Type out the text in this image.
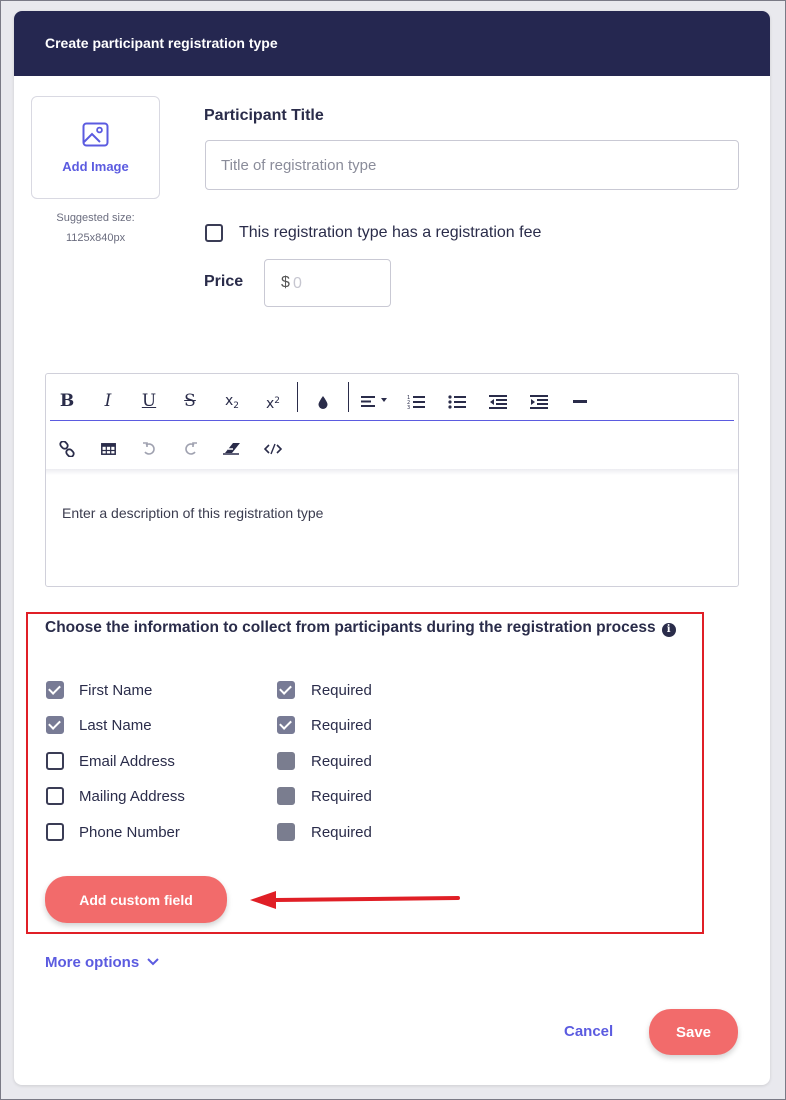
Create participant registration type
Add Image
Suggested size:
1125x840px
Participant Title
Title of registration type
This registration type has a registration fee
Price $
0
B	I	U	S	$x_2$	$x^2$	1
2
3
Enter a description of this registration type
Choose the information to collect from participants during the registration process i
First Name	Required
Last Name	Required
Email Address	Required
Mailing Address	Required
Phone Number	Required
Add custom field
More options
Cancel	Save
